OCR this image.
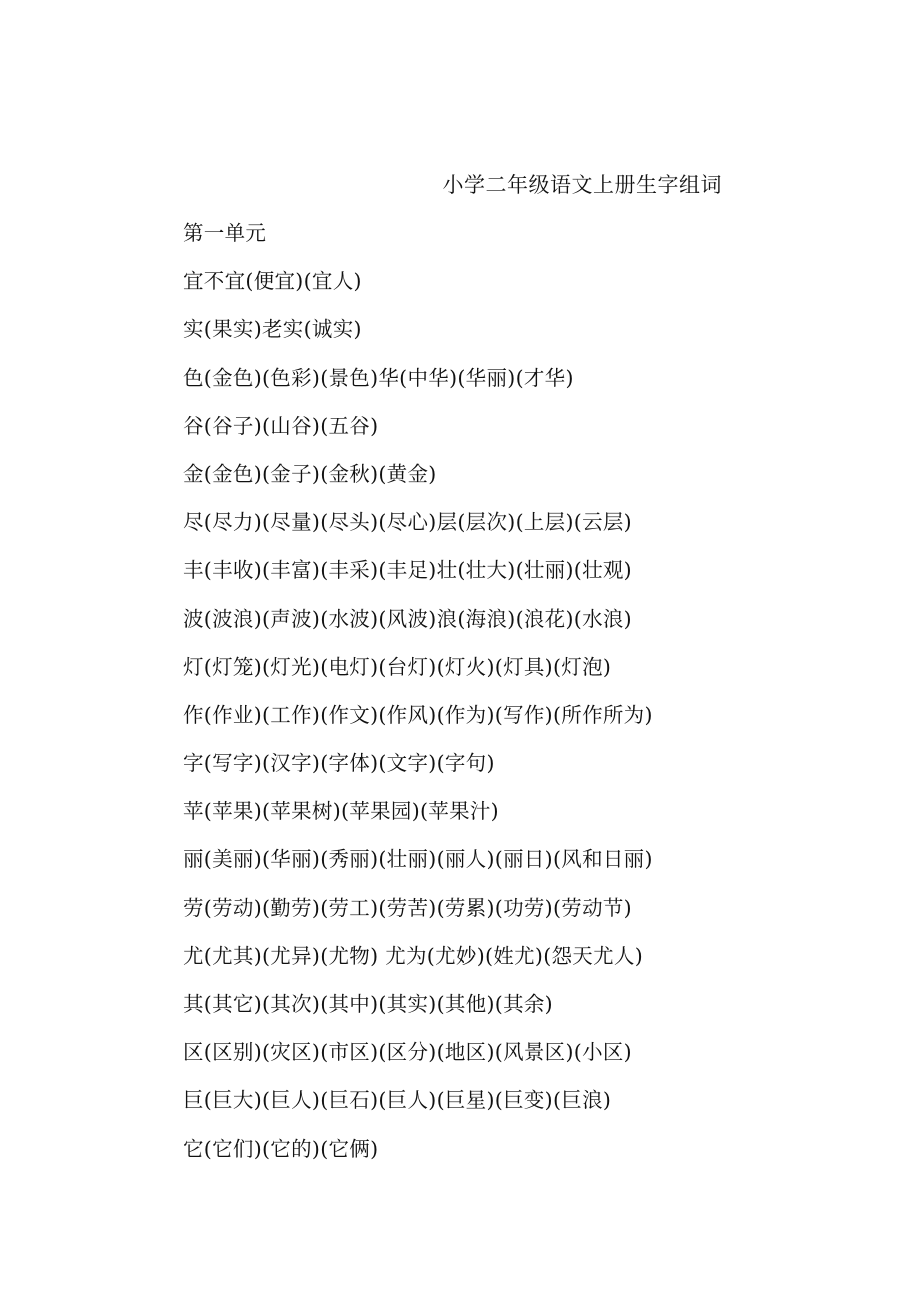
小学二年级语文上册生字组词
第一单元
宜不宜(便宜)(宜人)
实(果实)老实(诚实)
色(金色)(色彩)(景色)华(中华)(华丽)(才华)
谷(谷子)(山谷)(五谷)
金(金色)(金子)(金秋)(黄金)
尽(尽力)(尽量)(尽头)(尽心)层(层次)(上层)(云层)
丰(丰收)(丰富)(丰采)(丰足)壮(壮大)(壮丽)(壮观)
波(波浪)(声波)(水波)(风波)浪(海浪)(浪花)(水浪)
灯(灯笼)(灯光)(电灯)(台灯)(灯火)(灯具)(灯泡)
作(作业)(工作)(作文)(作风)(作为)(写作)(所作所为)
字(写字)(汉字)(字体)(文字)(字句)
苹(苹果)(苹果树)(苹果园)(苹果汁)
丽(美丽)(华丽)(秀丽)(壮丽)(丽人)(丽日)(风和日丽)
劳(劳动)(勤劳)(劳工)(劳苦)(劳累)(功劳)(劳动节)
尤(尤其)(尤异)(尤物) 尤为(尤妙)(姓尤)(怨天尤人)
其(其它)(其次)(其中)(其实)(其他)(其余)
区(区别)(灾区)(市区)(区分)(地区)(风景区)(小区)
巨(巨大)(巨人)(巨石)(巨人)(巨星)(巨变)(巨浪)
它(它们)(它的)(它俩)
